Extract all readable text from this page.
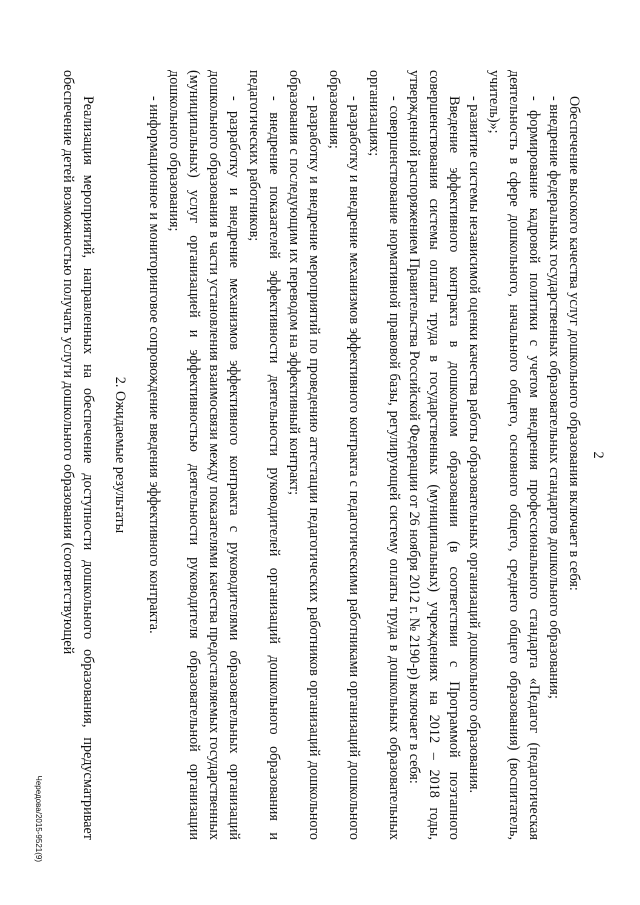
2

Обеспечение высокого качества услуг дошкольного образования включает в себя:

- внедрение федеральных государственных образовательных стандартов дошкольного образования;

- формирование кадровой политики с учетом внедрения профессионального стандарта «Педагог (педагогическая деятельность в сфере дошкольного, начального общего, основного общего, среднего общего образования) (воспитатель, учитель)»;

- развитие системы независимой оценки качества работы образовательных организаций дошкольного образования.

Введение эффективного контракта в дошкольном образовании (в соответствии с Программой поэтапного совершенствования системы оплаты труда в государственных (муниципальных) учреждениях на 2012 – 2018 годы, утвержденной распоряжением Правительства Российской Федерации от 26 ноября 2012 г. № 2190-р) включает в себя:

- совершенствование нормативной правовой базы, регулирующей систему оплаты труда в дошкольных образовательных организациях;

- разработку и внедрение механизмов эффективного контракта с педагогическими работниками организаций дошкольного образования;

- разработку и внедрение мероприятий по проведению аттестации педагогических работников организаций дошкольного образования с последующим их переводом на эффективный контракт;

- внедрение показателей эффективности деятельности руководителей организаций дошкольного образования и педагогических работников;

- разработку и внедрение механизмов эффективного контракта с руководителями образовательных организаций дошкольного образования в части установления взаимосвязи между показателями качества предоставляемых государственных (муниципальных) услуг организацией и эффективностью деятельности руководителя образовательной организации дошкольного образования;

- информационное и мониторинговое сопровождение введения эффективного контракта.

2. Ожидаемые результаты

Реализация мероприятий, направленных на обеспечение доступности дошкольного образования, предусматривает обеспечение детей возможностью получать услуги дошкольного образования (соответствующей

Чередова/2015-9521(9)
